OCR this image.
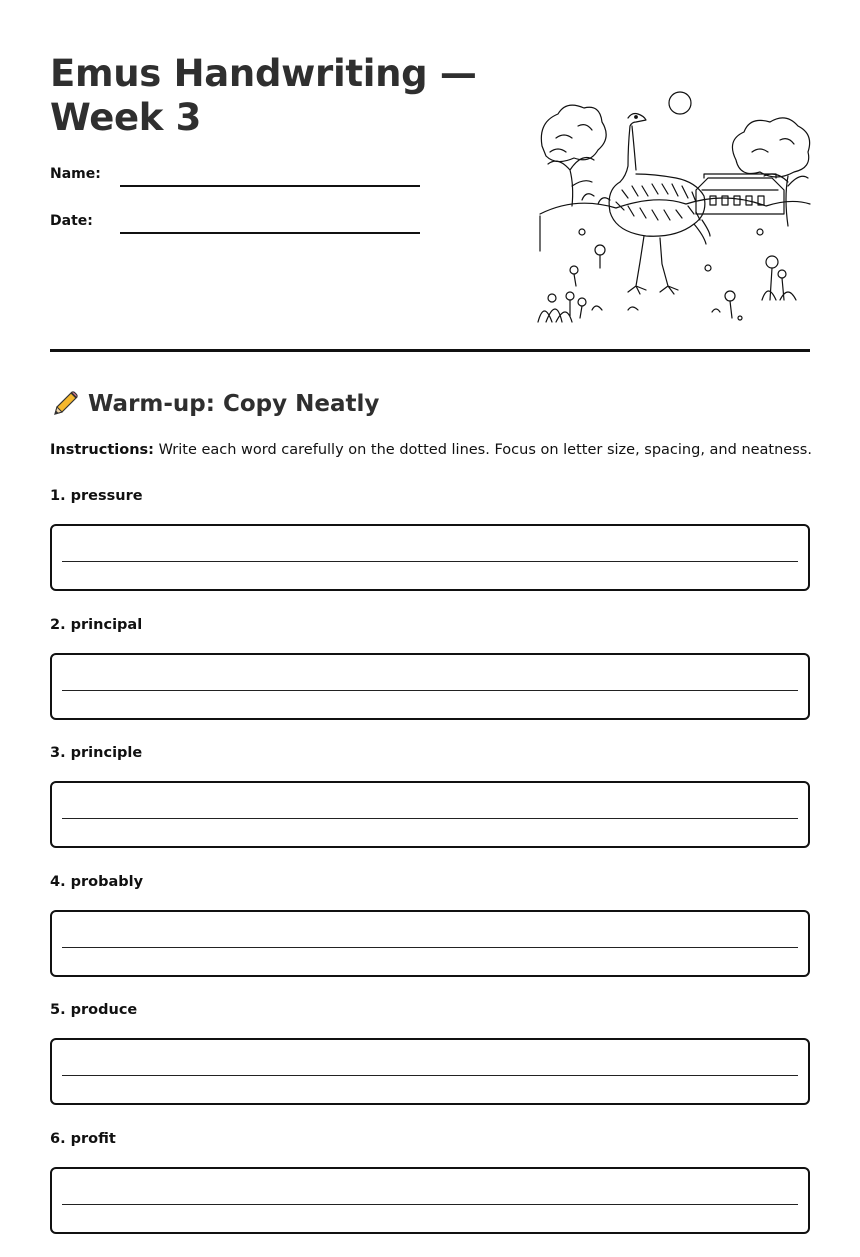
Emus Handwriting —
Week 3
Name:
Date:
Warm-up: Copy Neatly

Instructions: Write each word carefully on the dotted lines. Focus on letter size, spacing, and neatness.

1. pressure
2. principal
3. principle
4. probably
5. produce
6. profit
